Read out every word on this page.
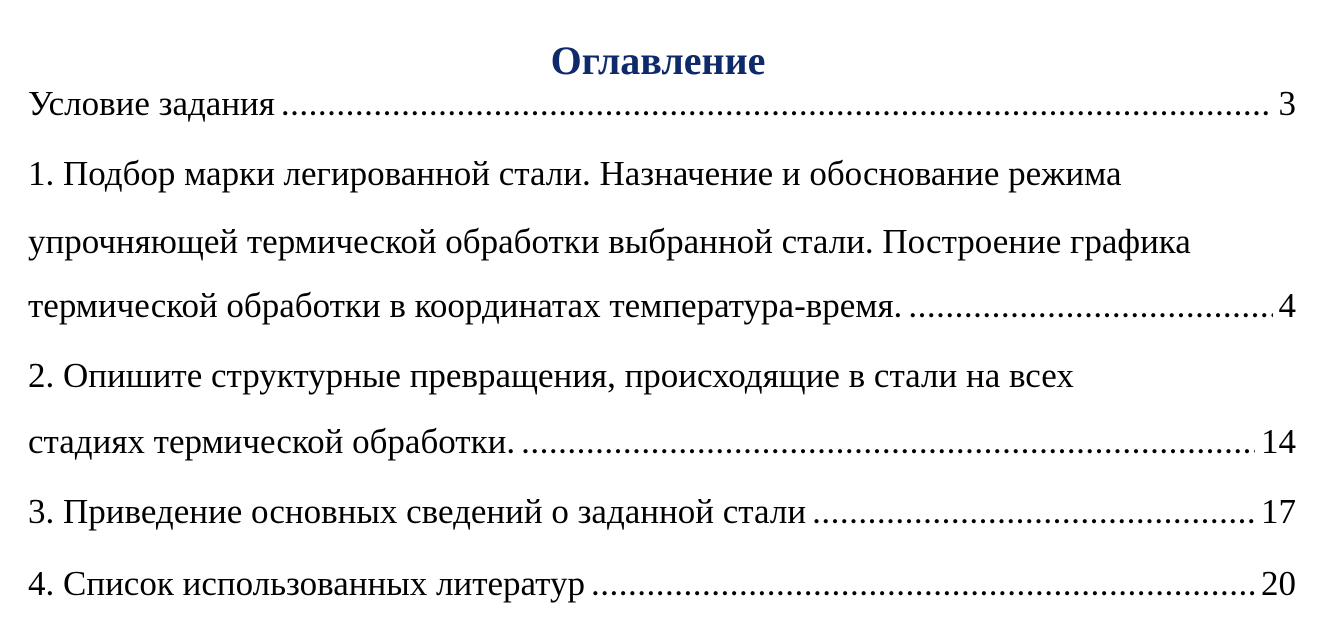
Оглавление
Условие задания .....	3
1. Подбор марки легированной стали. Назначение и обоснование режима
упрочняющей термической обработки выбранной стали. Построение графика
термической обработки в координатах температура-время. .....	4
2. Опишите структурные превращения, происходящие в стали на всех
стадиях термической обработки. .....	14
3. Приведение основных сведений о заданной стали .....	17
4. Список использованных литератур .....	20
